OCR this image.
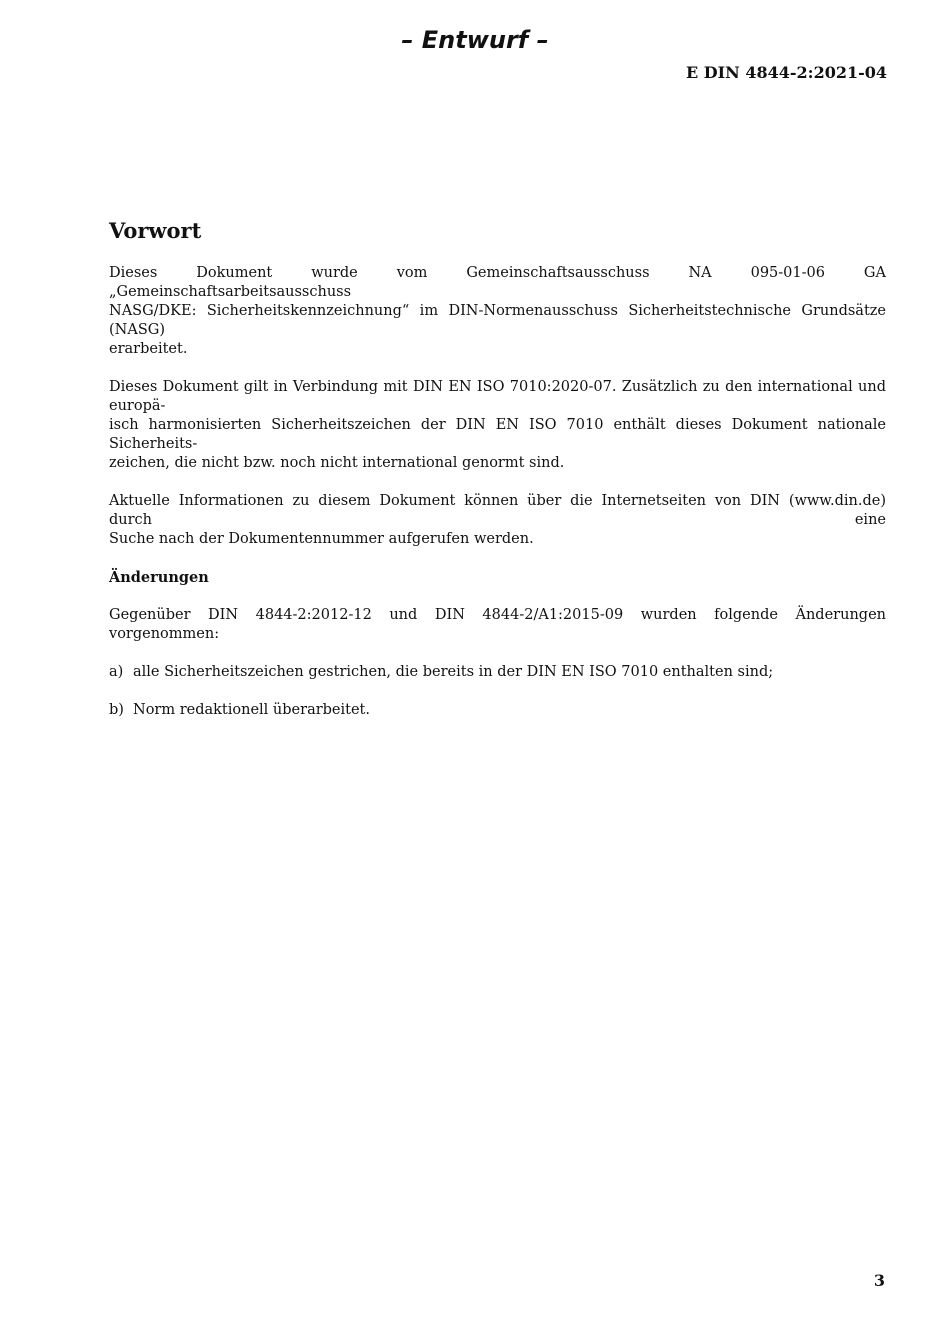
– Entwurf –
E DIN 4844-2:2021-04
Vorwort

Dieses Dokument wurde vom Gemeinschaftsausschuss NA 095-01-06 GA „Gemeinschaftsarbeitsausschuss
NASG/DKE: Sicherheitskennzeichnung“ im DIN-Normenausschuss Sicherheitstechnische Grundsätze (NASG)
erarbeitet.

Dieses Dokument gilt in Verbindung mit DIN EN ISO 7010:2020-07. Zusätzlich zu den international und europä-
isch harmonisierten Sicherheitszeichen der DIN EN ISO 7010 enthält dieses Dokument nationale Sicherheits-
zeichen, die nicht bzw. noch nicht international genormt sind.

Aktuelle Informationen zu diesem Dokument können über die Internetseiten von DIN (www.din.de) durch eine
Suche nach der Dokumentennummer aufgerufen werden.

Änderungen

Gegenüber DIN 4844-2:2012-12 und DIN 4844-2/A1:2015-09 wurden folgende Änderungen vorgenommen:

a) alle Sicherheitszeichen gestrichen, die bereits in der DIN EN ISO 7010 enthalten sind;
b) Norm redaktionell überarbeitet.
3
